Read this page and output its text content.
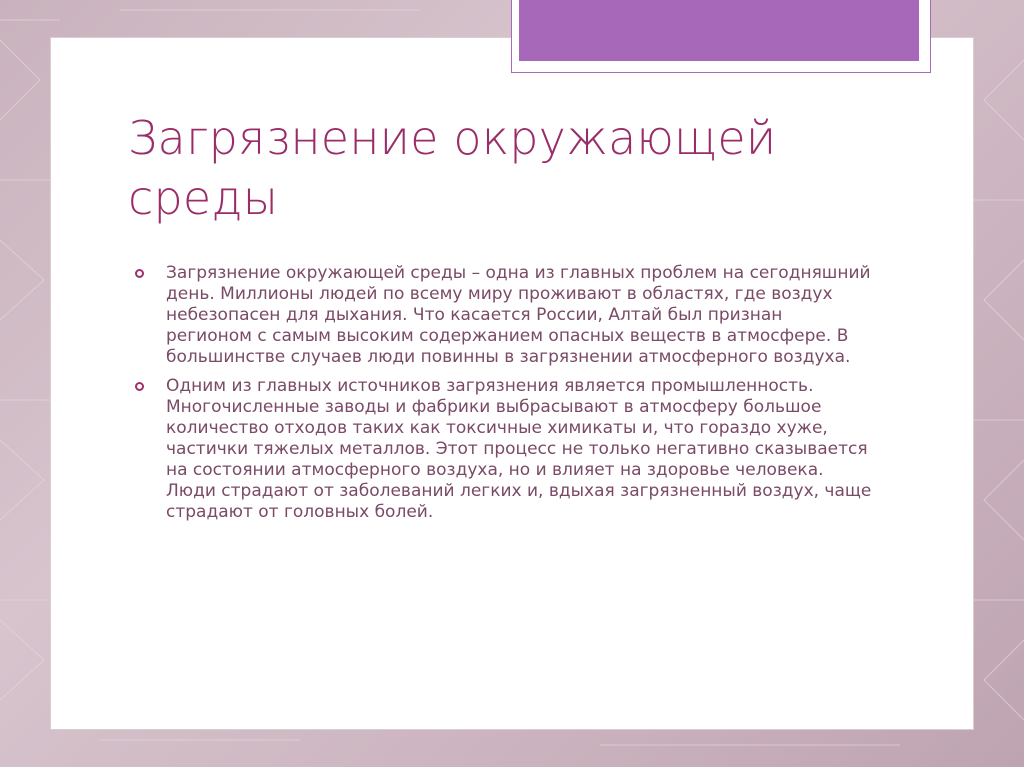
Загрязнение окружающей среды
Загрязнение окружающей среды – одна из главных проблем на сегодняшний день. Миллионы людей по всему миру проживают в областях, где воздух небезопасен для дыхания. Что касается России, Алтай был признан регионом с самым высоким содержанием опасных веществ в атмосфере. В большинстве случаев люди повинны в загрязнении атмосферного воздуха.
Одним из главных источников загрязнения является промышленность. Многочисленные заводы и фабрики выбрасывают в атмосферу большое количество отходов таких как токсичные химикаты и, что гораздо хуже, частички тяжелых металлов. Этот процесс не только негативно сказывается на состоянии атмосферного воздуха, но и влияет на здоровье человека. Люди страдают от заболеваний легких и, вдыхая загрязненный воздух, чаще страдают от головных болей.
